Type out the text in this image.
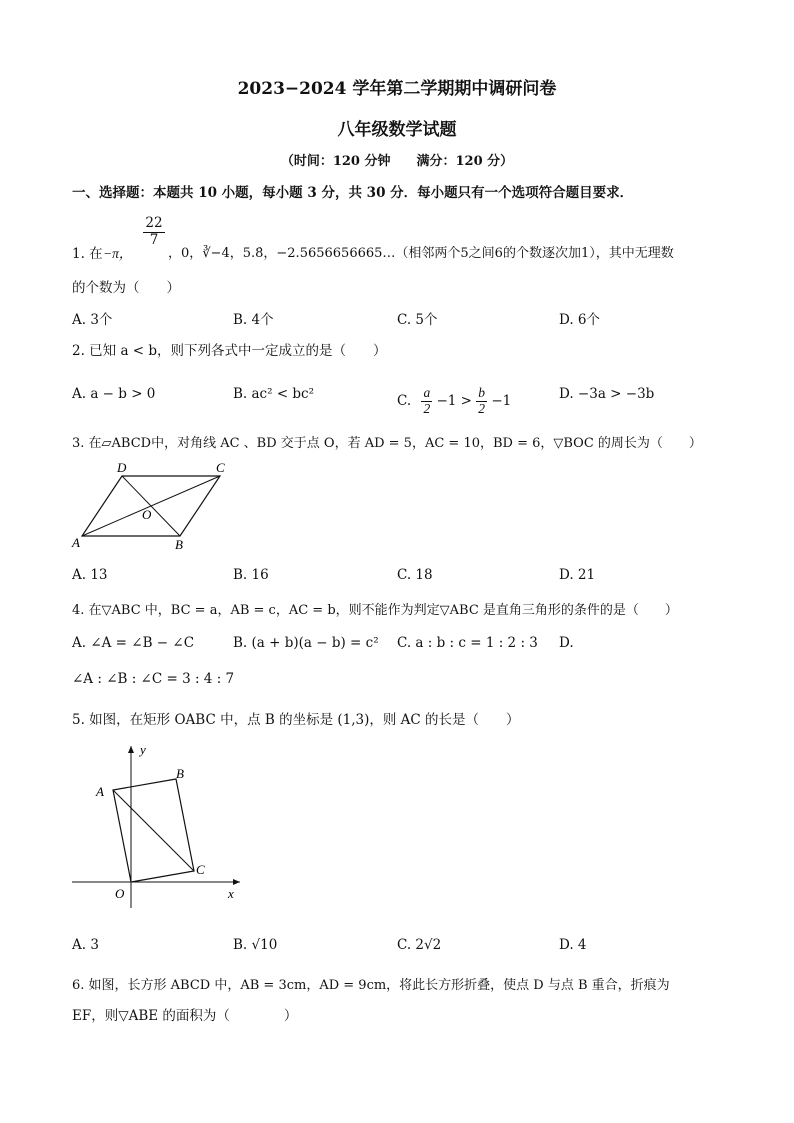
2023−2024 学年第二学期期中调研问卷
八年级数学试题
（时间：120 分钟　　满分：120 分）
一、选择题：本题共 10 小题，每小题 3 分，共 30 分．每小题只有一个选项符合题目要求．
1. 在 −π，
$\frac{22}{7}$
，0，∛−4，5.8̇，−2.5656656665…（相邻两个5之间6的个数逐次加1），其中无理数
的个数为（　　）
A. 3个	B. 4个	C. 5个	D. 6个
2. 已知 a < b，则下列各式中一定成立的是（　　）
A. a − b > 0	B. ac² < bc²	C. $\frac{a}{2} -1 > \frac{b}{2} -1$	D. −3a > −3b
3. 在▱ABCD中，对角线 AC 、BD 交于点 O，若 AD = 5，AC = 10，BD = 6，▽BOC 的周长为（　　）
A	B
C
D
O
A. 13	B. 16	C. 18	D. 21
4. 在▽ABC 中，BC = a，AB = c，AC = b，则不能作为判定▽ABC 是直角三角形的条件的是（　　）
A. ∠A = ∠B − ∠C	B. (a + b)(a − b) = c² C. a : b : c = 1 : 2 : 3 D.
∠A : ∠B : ∠C = 3 : 4 : 7
5. 如图，在矩形 OABC 中，点 B 的坐标是 (1,3)，则 AC 的长是（　　）
y
x
A
B
C
O
A. 3	B. √10	C. 2√2	D. 4
6. 如图，长方形 ABCD 中，AB = 3cm，AD = 9cm，将此长方形折叠，使点 D 与点 B 重合，折痕为
EF，则▽ABE 的面积为（　　　　）
